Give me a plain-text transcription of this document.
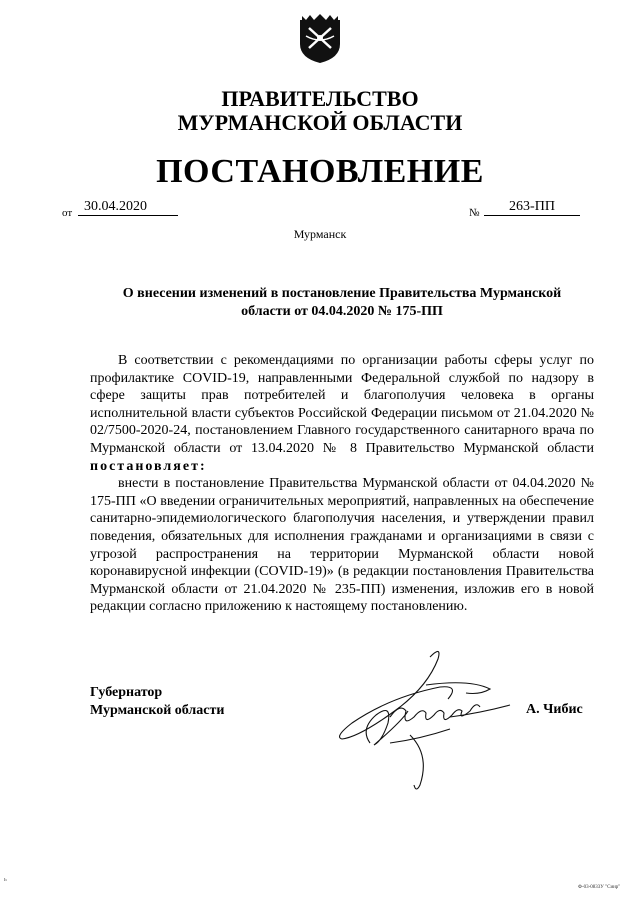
ПРАВИТЕЛЬСТВО
МУРМАНСКОЙ ОБЛАСТИ
ПОСТАНОВЛЕНИЕ
от 30.04.2020	№	263-ПП
Мурманск
О внесении изменений в постановление Правительства Мурманской
области от 04.04.2020 № 175-ПП

В соответствии с рекомендациями по организации работы сферы услуг по профилактике COVID-19, направленными Федеральной службой по надзору в сфере защиты прав потребителей и благополучия человека в органы исполнительной власти субъектов Российской Федерации письмом от 21.04.2020 № 02/7500-2020-24, постановлением Главного государственного санитарного врача по Мурманской области от 13.04.2020 № 8 Правительство Мурманской области постановляет:

внести в постановление Правительства Мурманской области от 04.04.2020 № 175-ПП «О введении ограничительных мероприятий, направленных на обеспечение санитарно-эпидемиологического благополучия населения, и утверждении правил поведения, обязательных для исполнения гражданами и организациями в связи с угрозой распространения на территории Мурманской области новой коронавирусной инфекции (COVID-19)» (в редакции постановления Правительства Мурманской области от 21.04.2020 № 235-ПП) изменения, изложив его в новой редакции согласно приложению к настоящему постановлению.

Губернатор
Мурманской области	А. Чибис
Ф-03-0833У "Сиир"
ь
